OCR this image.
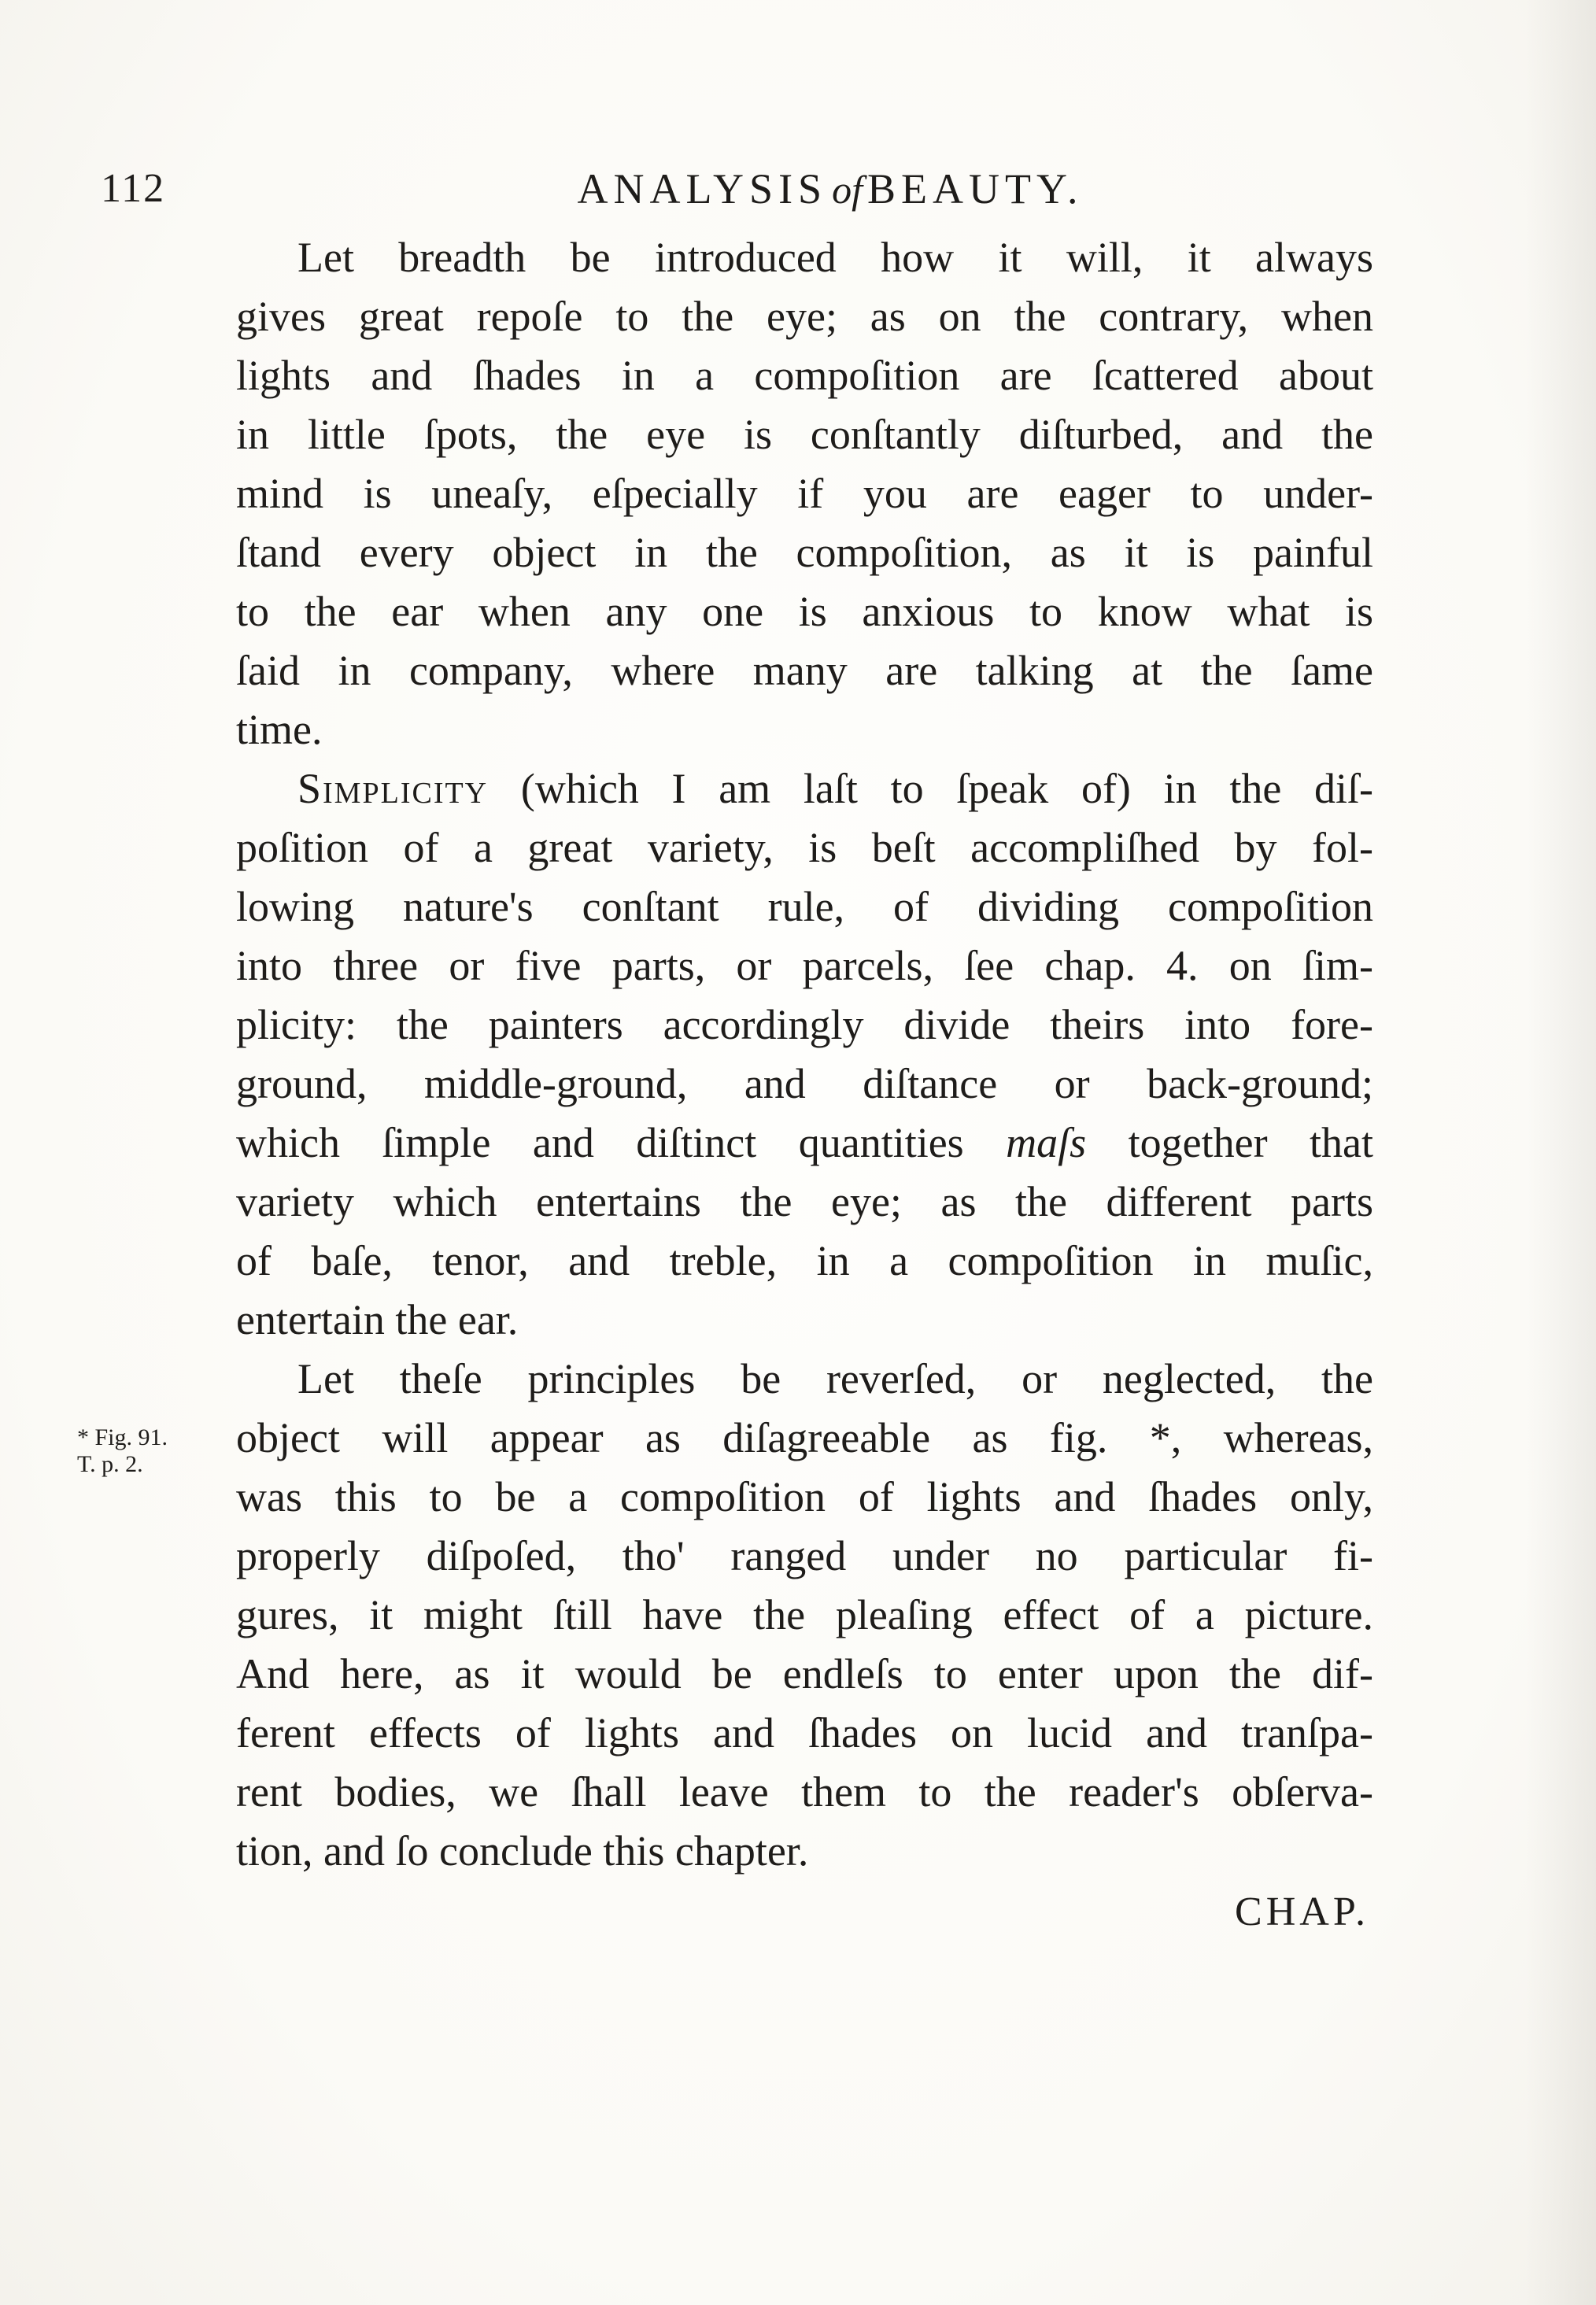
112	ANALYSIS of BEAUTY.
Let breadth be introduced how it will, it always
gives great repoſe to the eye; as on the contrary, when
lights and ſhades in a compoſition are ſcattered about
in little ſpots, the eye is conſtantly diſturbed, and the
mind is uneaſy, eſpecially if you are eager to under-
ſtand every object in the compoſition, as it is painful
to the ear when any one is anxious to know what is
ſaid in company, where many are talking at the ſame
time.
Simplicity (which I am laſt to ſpeak of) in the diſ-
poſition of a great variety, is beſt accompliſhed by fol-
lowing nature's conſtant rule, of dividing compoſition
into three or five parts, or parcels, ſee chap. 4. on ſim-
plicity: the painters accordingly divide theirs into fore-
ground, middle-ground, and diſtance or back-ground;
which ſimple and diſtinct quantities maſs together that
variety which entertains the eye; as the different parts
of baſe, tenor, and treble, in a compoſition in muſic,
entertain the ear.
Let theſe principles be reverſed, or neglected, the
object will appear as diſagreeable as fig. *, whereas,
was this to be a compoſition of lights and ſhades only,
properly diſpoſed, tho' ranged under no particular fi-
gures, it might ſtill have the pleaſing effect of a picture.
And here, as it would be endleſs to enter upon the dif-
ferent effects of lights and ſhades on lucid and tranſpa-
rent bodies, we ſhall leave them to the reader's obſerva-
tion, and ſo conclude this chapter.
* Fig. 91.
T. p. 2.
CHAP.
